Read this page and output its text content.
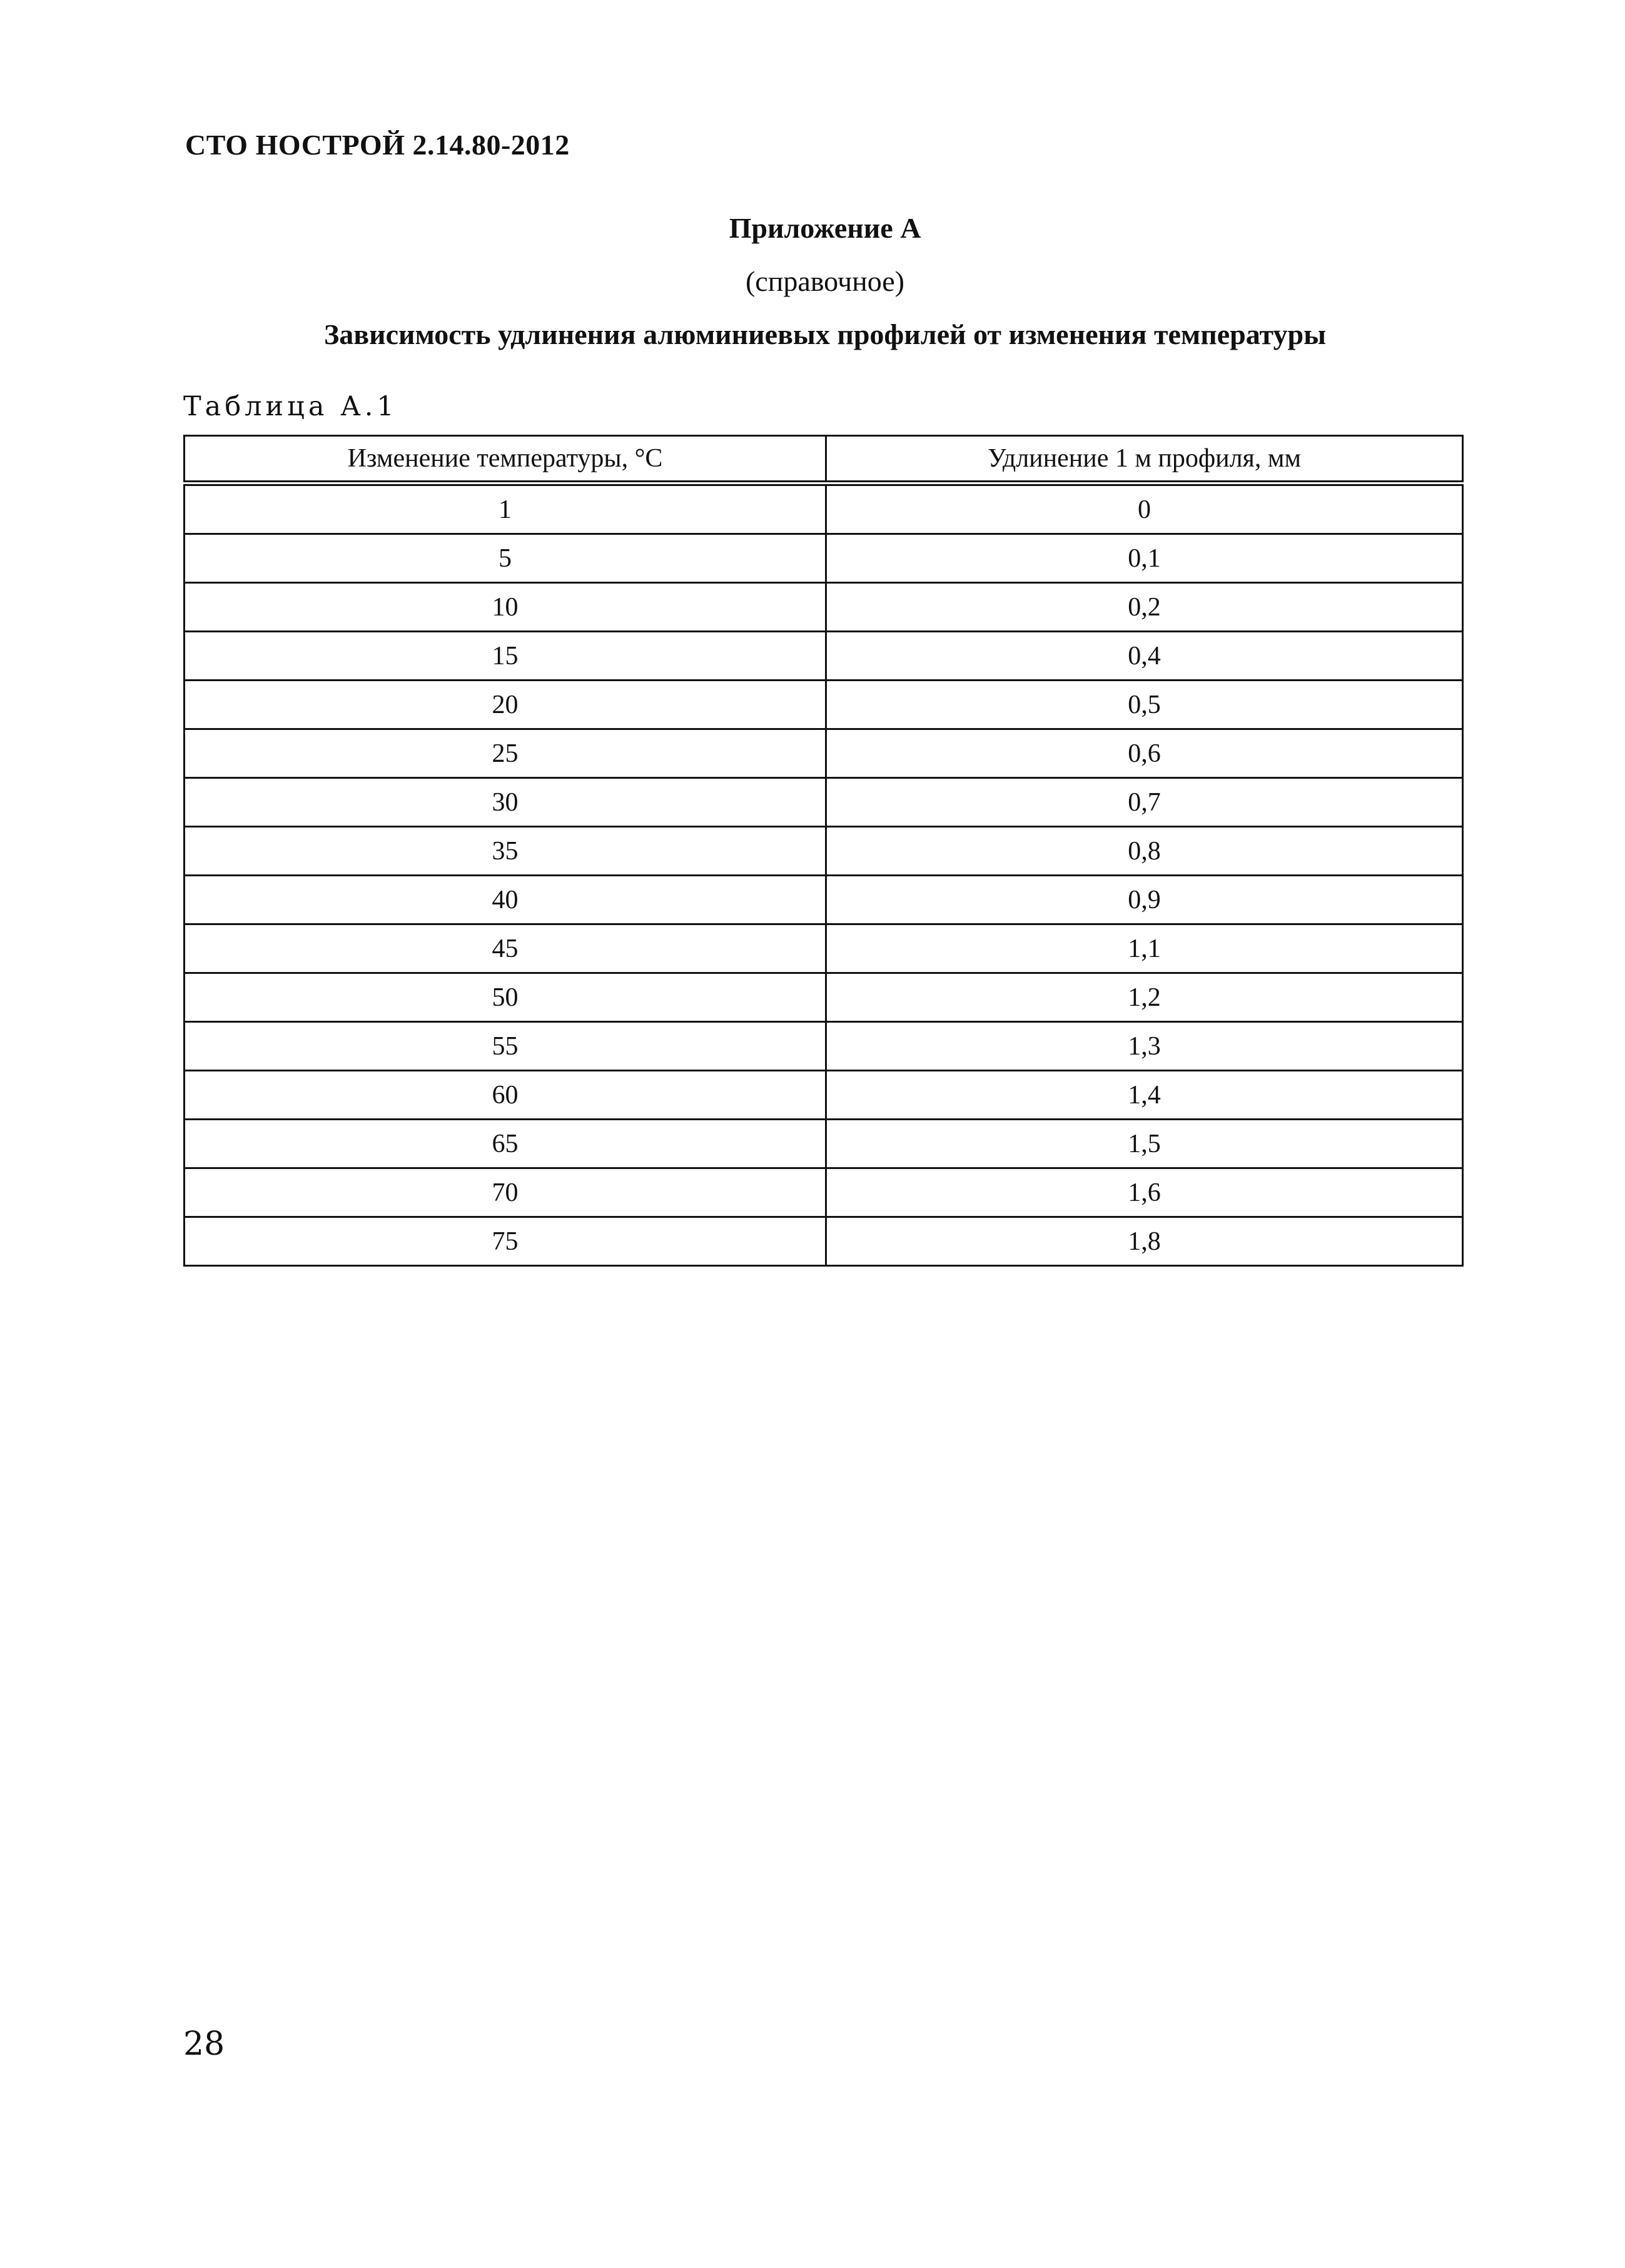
СТО НОСТРОЙ 2.14.80-2012
Приложение А
(справочное)
Зависимость удлинения алюминиевых профилей от изменения температуры
Таблица А.1
Изменение температуры, °С	Удлинение 1 м профиля, мм
1	0
5	0,1
10	0,2
15	0,4
20	0,5
25	0,6
30	0,7
35	0,8
40	0,9
45	1,1
50	1,2
55	1,3
60	1,4
65	1,5
70	1,6
75	1,8
28
